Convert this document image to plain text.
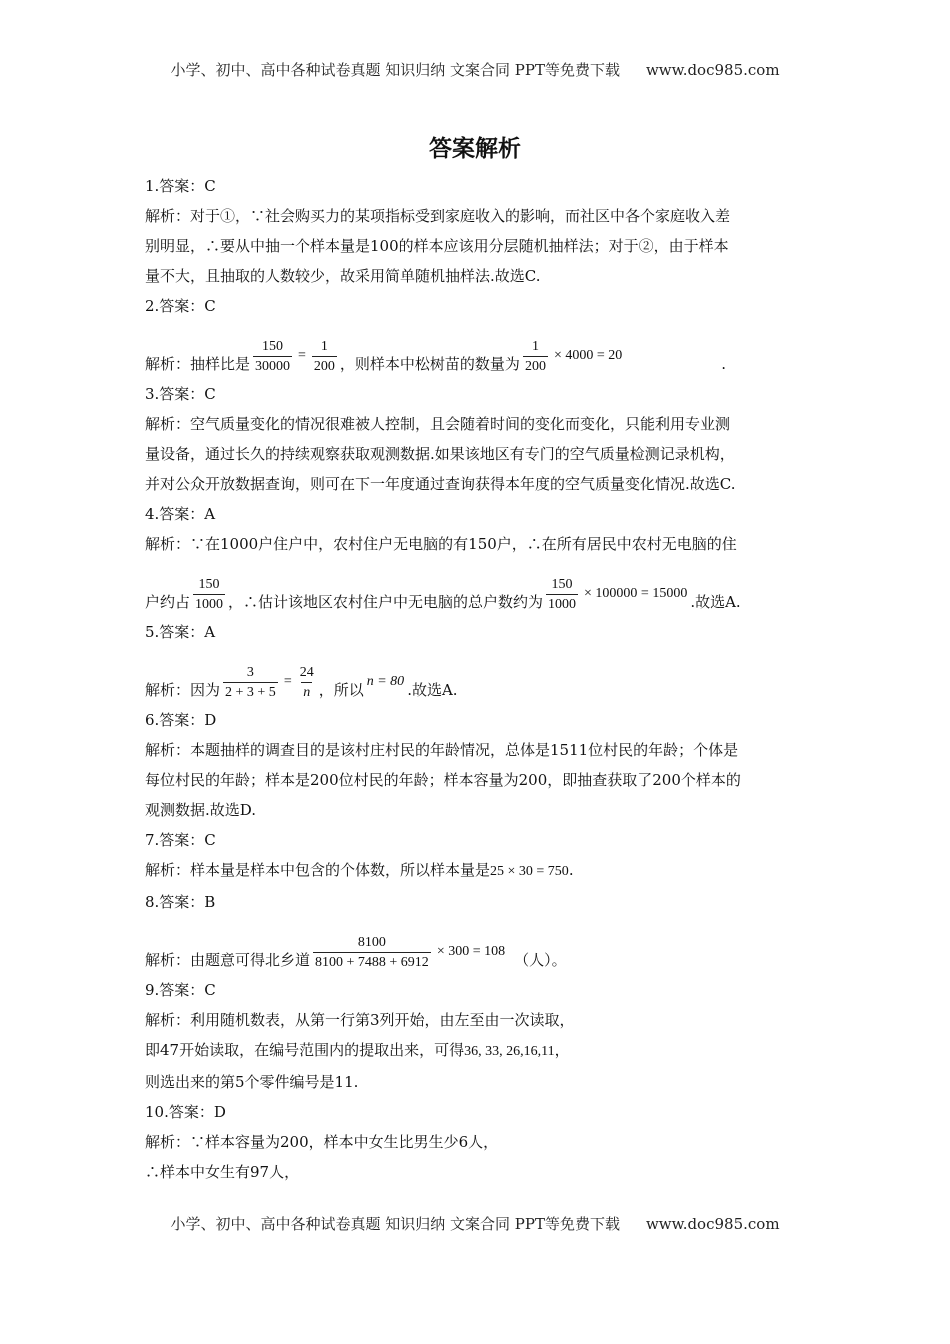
小学、初中、高中各种试卷真题 知识归纳 文案合同 PPT等免费下载 www.doc985.com
答案解析

1.答案：C

解析：对于①，∵社会购买力的某项指标受到家庭收入的影响，而社区中各个家庭收入差

别明显，∴要从中抽一个样本量是100的样本应该用分层随机抽样法；对于②，由于样本

量不大，且抽取的人数较少，故采用简单随机抽样法.故选C.

2.答案：C

解析：抽样比是 $\frac{150}{30000} = \frac{1}{200}$ ，则样本中松树苗的数量为 $\frac{1}{200} \times 4000 = 20$	.

3.答案：C

解析：空气质量变化的情况很难被人控制，且会随着时间的变化而变化，只能利用专业测

量设备，通过长久的持续观察获取观测数据.如果该地区有专门的空气质量检测记录机构，

并对公众开放数据查询，则可在下一年度通过查询获得本年度的空气质量变化情况.故选C.

4.答案：A

解析：∵在1000户住户中，农村住户无电脑的有150户，∴在所有居民中农村无电脑的住

户约占 $\frac{150}{1000}$ ，∴估计该地区农村住户中无电脑的总户数约为 $\frac{150}{1000} \times 100000 = 15000$ .故选A.

5.答案：A

解析：因为 $\frac{3}{2 + 3 + 5} = \frac{24}{n}$ ，所以 n = 80 .故选A.

6.答案：D

解析：本题抽样的调查目的是该村庄村民的年龄情况，总体是1511位村民的年龄；个体是

每位村民的年龄；样本是200位村民的年龄；样本容量为200，即抽查获取了200个样本的

观测数据.故选D.

7.答案：C

解析：样本量是样本中包含的个体数，所以样本量是25 × 30 = 750.

8.答案：B

解析：由题意可得北乡道 $\frac{8100}{8100 + 7488 + 6912} \times 300 = 108$ （人）。

9.答案：C

解析：利用随机数表，从第一行第3列开始，由左至由一次读取，

即47开始读取，在编号范围内的提取出来，可得36, 33, 26,16,11，

则选出来的第5个零件编号是11.

10.答案：D

解析：∵样本容量为200，样本中女生比男生少6人，

∴样本中女生有97人，

小学、初中、高中各种试卷真题 知识归纳 文案合同 PPT等免费下载 www.doc985.com
